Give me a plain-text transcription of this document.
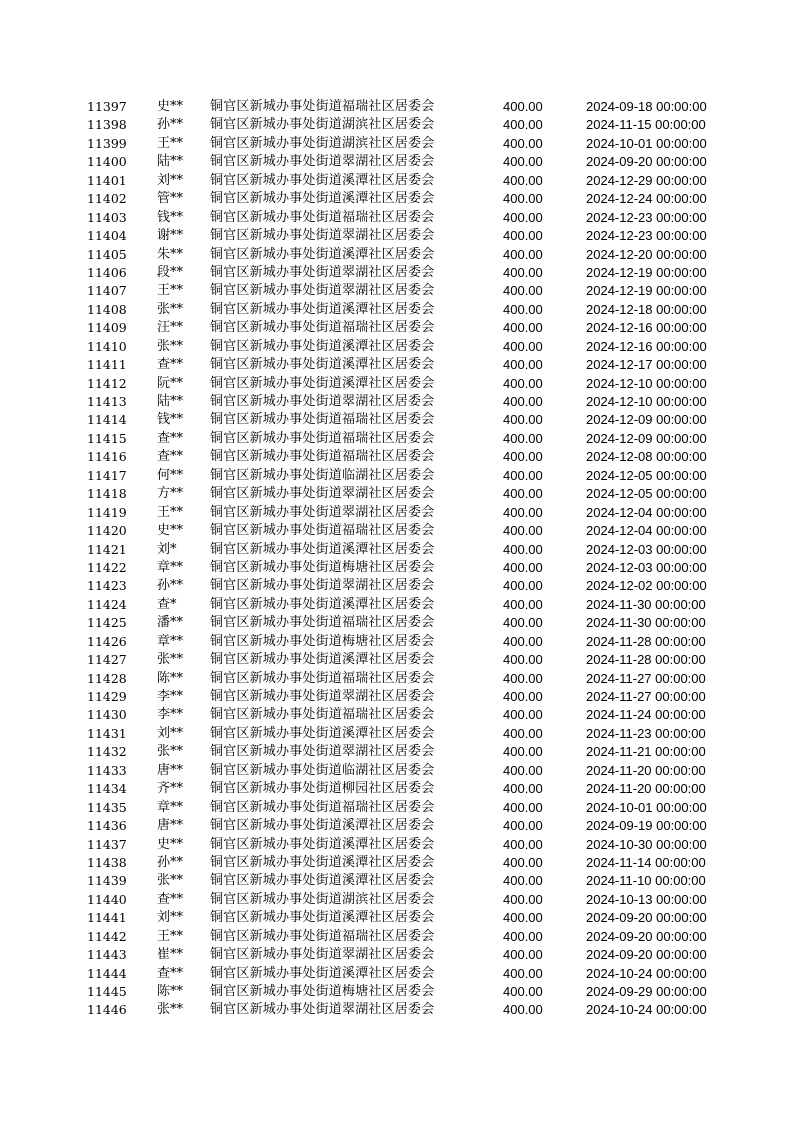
11397 史** 铜官区新城办事处街道福瑞社区居委会	400.00	2024-09-18 00:00:00
11398 孙** 铜官区新城办事处街道湖滨社区居委会	400.00	2024-11-15 00:00:00
11399 王** 铜官区新城办事处街道湖滨社区居委会	400.00	2024-10-01 00:00:00
11400 陆** 铜官区新城办事处街道翠湖社区居委会	400.00	2024-09-20 00:00:00
11401 刘** 铜官区新城办事处街道溪潭社区居委会	400.00	2024-12-29 00:00:00
11402 管** 铜官区新城办事处街道溪潭社区居委会	400.00	2024-12-24 00:00:00
11403 钱** 铜官区新城办事处街道福瑞社区居委会	400.00	2024-12-23 00:00:00
11404 谢** 铜官区新城办事处街道翠湖社区居委会	400.00	2024-12-23 00:00:00
11405 朱** 铜官区新城办事处街道溪潭社区居委会	400.00	2024-12-20 00:00:00
11406 段** 铜官区新城办事处街道翠湖社区居委会	400.00	2024-12-19 00:00:00
11407 王** 铜官区新城办事处街道翠湖社区居委会	400.00	2024-12-19 00:00:00
11408 张** 铜官区新城办事处街道溪潭社区居委会	400.00	2024-12-18 00:00:00
11409 汪** 铜官区新城办事处街道福瑞社区居委会	400.00	2024-12-16 00:00:00
11410 张** 铜官区新城办事处街道溪潭社区居委会	400.00	2024-12-16 00:00:00
11411 查** 铜官区新城办事处街道溪潭社区居委会	400.00	2024-12-17 00:00:00
11412 阮** 铜官区新城办事处街道溪潭社区居委会	400.00	2024-12-10 00:00:00
11413 陆** 铜官区新城办事处街道翠湖社区居委会	400.00	2024-12-10 00:00:00
11414 钱** 铜官区新城办事处街道福瑞社区居委会	400.00	2024-12-09 00:00:00
11415 查** 铜官区新城办事处街道福瑞社区居委会	400.00	2024-12-09 00:00:00
11416 查** 铜官区新城办事处街道福瑞社区居委会	400.00	2024-12-08 00:00:00
11417 何** 铜官区新城办事处街道临湖社区居委会	400.00	2024-12-05 00:00:00
11418 方** 铜官区新城办事处街道翠湖社区居委会	400.00	2024-12-05 00:00:00
11419 王** 铜官区新城办事处街道翠湖社区居委会	400.00	2024-12-04 00:00:00
11420 史** 铜官区新城办事处街道福瑞社区居委会	400.00	2024-12-04 00:00:00
11421 刘*	铜官区新城办事处街道溪潭社区居委会	400.00	2024-12-03 00:00:00
11422 章** 铜官区新城办事处街道梅塘社区居委会	400.00	2024-12-03 00:00:00
11423 孙** 铜官区新城办事处街道翠湖社区居委会	400.00	2024-12-02 00:00:00
11424 查*	铜官区新城办事处街道溪潭社区居委会	400.00	2024-11-30 00:00:00
11425 潘** 铜官区新城办事处街道福瑞社区居委会	400.00	2024-11-30 00:00:00
11426 章** 铜官区新城办事处街道梅塘社区居委会	400.00	2024-11-28 00:00:00
11427 张** 铜官区新城办事处街道溪潭社区居委会	400.00	2024-11-28 00:00:00
11428 陈** 铜官区新城办事处街道福瑞社区居委会	400.00	2024-11-27 00:00:00
11429 李** 铜官区新城办事处街道翠湖社区居委会	400.00	2024-11-27 00:00:00
11430 李** 铜官区新城办事处街道福瑞社区居委会	400.00	2024-11-24 00:00:00
11431 刘** 铜官区新城办事处街道溪潭社区居委会	400.00	2024-11-23 00:00:00
11432 张** 铜官区新城办事处街道翠湖社区居委会	400.00	2024-11-21 00:00:00
11433 唐** 铜官区新城办事处街道临湖社区居委会	400.00	2024-11-20 00:00:00
11434 齐** 铜官区新城办事处街道柳园社区居委会	400.00	2024-11-20 00:00:00
11435 章** 铜官区新城办事处街道福瑞社区居委会	400.00	2024-10-01 00:00:00
11436 唐** 铜官区新城办事处街道溪潭社区居委会	400.00	2024-09-19 00:00:00
11437 史** 铜官区新城办事处街道溪潭社区居委会	400.00	2024-10-30 00:00:00
11438 孙** 铜官区新城办事处街道溪潭社区居委会	400.00	2024-11-14 00:00:00
11439 张** 铜官区新城办事处街道溪潭社区居委会	400.00	2024-11-10 00:00:00
11440 查** 铜官区新城办事处街道湖滨社区居委会	400.00	2024-10-13 00:00:00
11441 刘** 铜官区新城办事处街道溪潭社区居委会	400.00	2024-09-20 00:00:00
11442 王** 铜官区新城办事处街道福瑞社区居委会	400.00	2024-09-20 00:00:00
11443 崔** 铜官区新城办事处街道翠湖社区居委会	400.00	2024-09-20 00:00:00
11444 查** 铜官区新城办事处街道溪潭社区居委会	400.00	2024-10-24 00:00:00
11445 陈** 铜官区新城办事处街道梅塘社区居委会	400.00	2024-09-29 00:00:00
11446 张** 铜官区新城办事处街道翠湖社区居委会	400.00	2024-10-24 00:00:00
